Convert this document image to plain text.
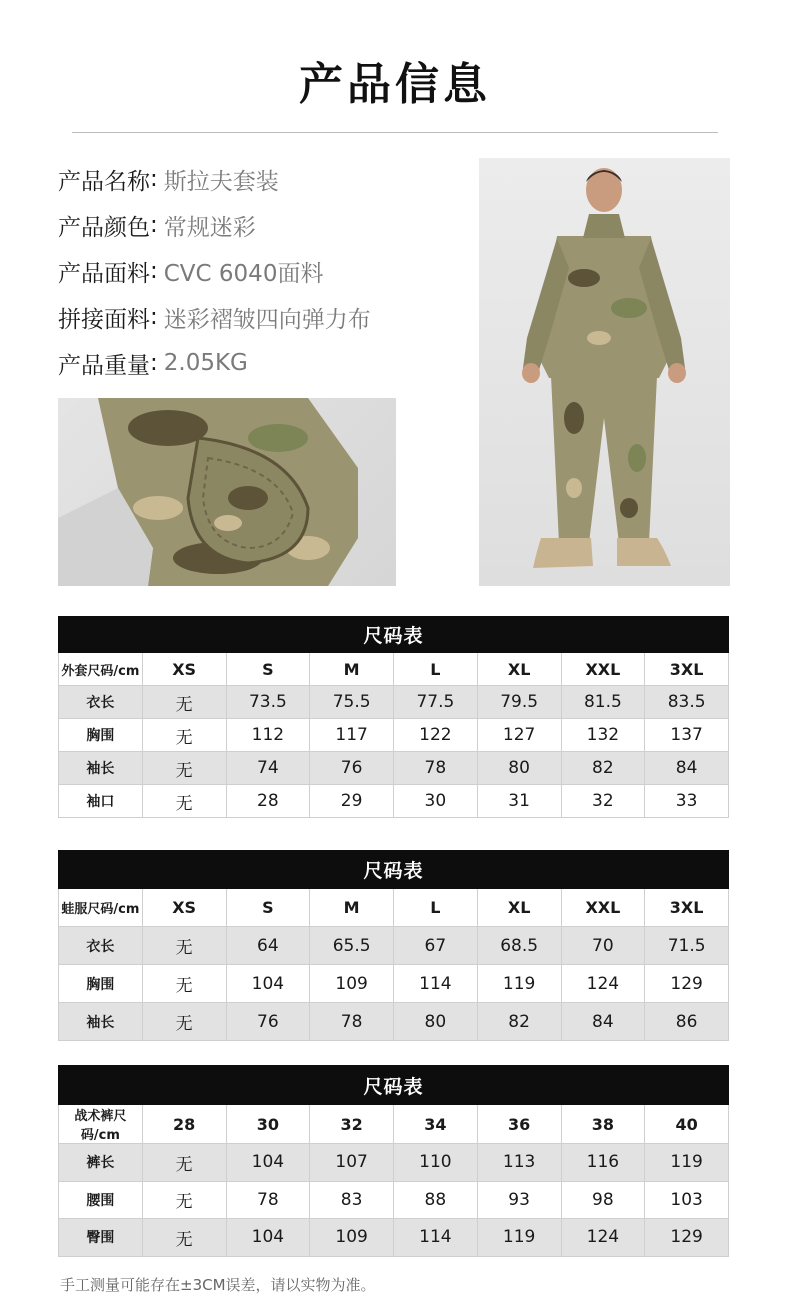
产品信息
产品名称 : 斯拉夫套装
产品颜色 : 常规迷彩
产品面料 : CVC 6040面料
拼接面料 : 迷彩褶皱四向弹力布
产品重量 : 2.05KG
尺码表							
外套尺码/cm	XS	S	M	L	XL	XXL	3XL
衣长	无	73.5	75.5	77.5	79.5	81.5	83.5
胸围	无	112	117	122	127	132	137
袖长	无	74	76	78	80	82	84
袖口	无	28	29	30	31	32	33
尺码表							
蛙服尺码/cm	XS	S	M	L	XL	XXL	3XL
衣长	无	64	65.5	67	68.5	70	71.5
胸围	无	104	109	114	119	124	129
袖长	无	76	78	80	82	84	86
尺码表							
战术裤尺码/cm	28	30	32	34	36	38	40
裤长	无	104	107	110	113	116	119
腰围	无	78	83	88	93	98	103
臀围	无	104	109	114	119	124	129
手工测量可能存在±3CM误差，请以实物为准。
